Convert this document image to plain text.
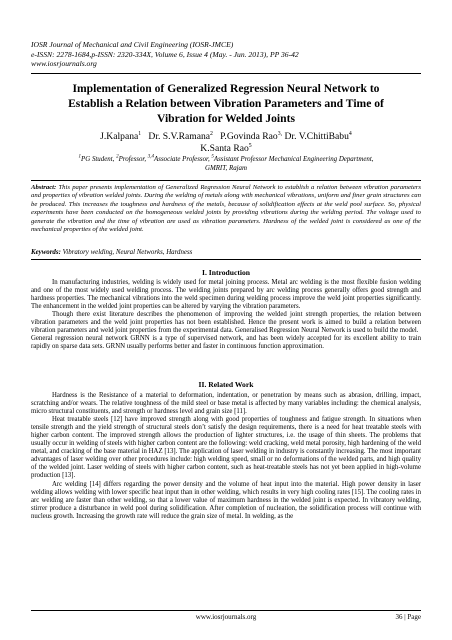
IOSR Journal of Mechanical and Civil Engineering (IOSR-JMCE)
e-ISSN: 2278-1684,p-ISSN: 2320-334X, Volume 6, Issue 4 (May. - Jun. 2013), PP 36-42
www.iosrjournals.org
Implementation of Generalized Regression Neural Network to
Establish a Relation between Vibration Parameters and Time of
Vibration for Welded Joints
J.Kalpana$^1$ Dr. S.V.Ramana$^2$ P.Govinda Rao$^{3,}$ Dr. V.ChittiBabu$^4$
K.Santa Rao$^5$
$^1$PG Student, $^2$Professor, $^{3,4}$Associate Professor, $^5$Assistant Professor Mechanical Engineering Department,
GMRIT, Rajam
Abstract: This paper presents implementation of Generalized Regression Neural Network to establish a relation between vibration parameters and properties of vibration welded joints. During the welding of metals along with mechanical vibrations, uniform and finer grain structures can be produced. This increases the toughness and hardness of the metals, because of solidification effects at the weld pool surface. So, physical experiments have been conducted on the homogeneous welded joints by providing vibrations during the welding period. The voltage used to generate the vibration and the time of vibration are used as vibration parameters. Hardness of the welded joint is considered as one of the mechanical properties of the welded joint.
Keywords: Vibratory welding, Neural Networks, Hardness
I. Introduction

In manufacturing industries, welding is widely used for metal joining process. Metal arc welding is the most flexible fusion welding and one of the most widely used welding process. The welding joints prepared by arc welding process generally offers good strength and hardness properties. The mechanical vibrations into the weld specimen during welding process improve the weld joint properties significantly. The enhancement in the welded joint properties can be altered by varying the vibration parameters.

Though there exist literature describes the phenomenon of improving the welded joint strength properties, the relation between vibration parameters and the weld joint properties has not been established. Hence the present work is aimed to build a relation between vibration parameters and weld joint properties from the experimental data. Generalised Regression Neural Network is used to build the model.

General regression neural network GRNN is a type of supervised network, and has been widely accepted for its excellent ability to train rapidly on sparse data sets. GRNN usually performs better and faster in continuous function approximation.

II. Related Work

Hardness is the Resistance of a material to deformation, indentation, or penetration by means such as abrasion, drilling, impact, scratching and/or wears. The relative toughness of the mild steel or base metal is affected by many variables including: the chemical analysis, micro structural constituents, and strength or hardness level and grain size [11].

Heat treatable steels [12] have improved strength along with good properties of toughness and fatigue strength. In situations when tensile strength and the yield strength of structural steels don’t satisfy the design requirements, there is a need for heat treatable steels with higher carbon content. The improved strength allows the production of lighter structures, i.e. the usage of thin sheets. The problems that usually occur in welding of steels with higher carbon content are the following: weld cracking, weld metal porosity, high hardening of the weld metal, and cracking of the base material in HAZ [13]. The application of laser welding in industry is constantly increasing. The most important advantages of laser welding over other procedures include: high welding speed, small or no deformations of the welded parts, and high quality of the welded joint. Laser welding of steels with higher carbon content, such as heat-treatable steels has not yet been applied in high-volume production [13].

Arc welding [14] differs regarding the power density and the volume of heat input into the material. High power density in laser welding allows welding with lower specific heat input than in other welding, which results in very high cooling rates [15]. The cooling rates in arc welding are faster than other welding, so that a lower value of maximum hardness in the welded joint is expected. In vibratory welding, stirrer produce a disturbance in weld pool during solidification. After completion of nucleation, the solidification process will continue with nucleus growth. Increasing the growth rate will reduce the grain size of metal. In welding, as the

www.iosrjournals.org	36 | Page
